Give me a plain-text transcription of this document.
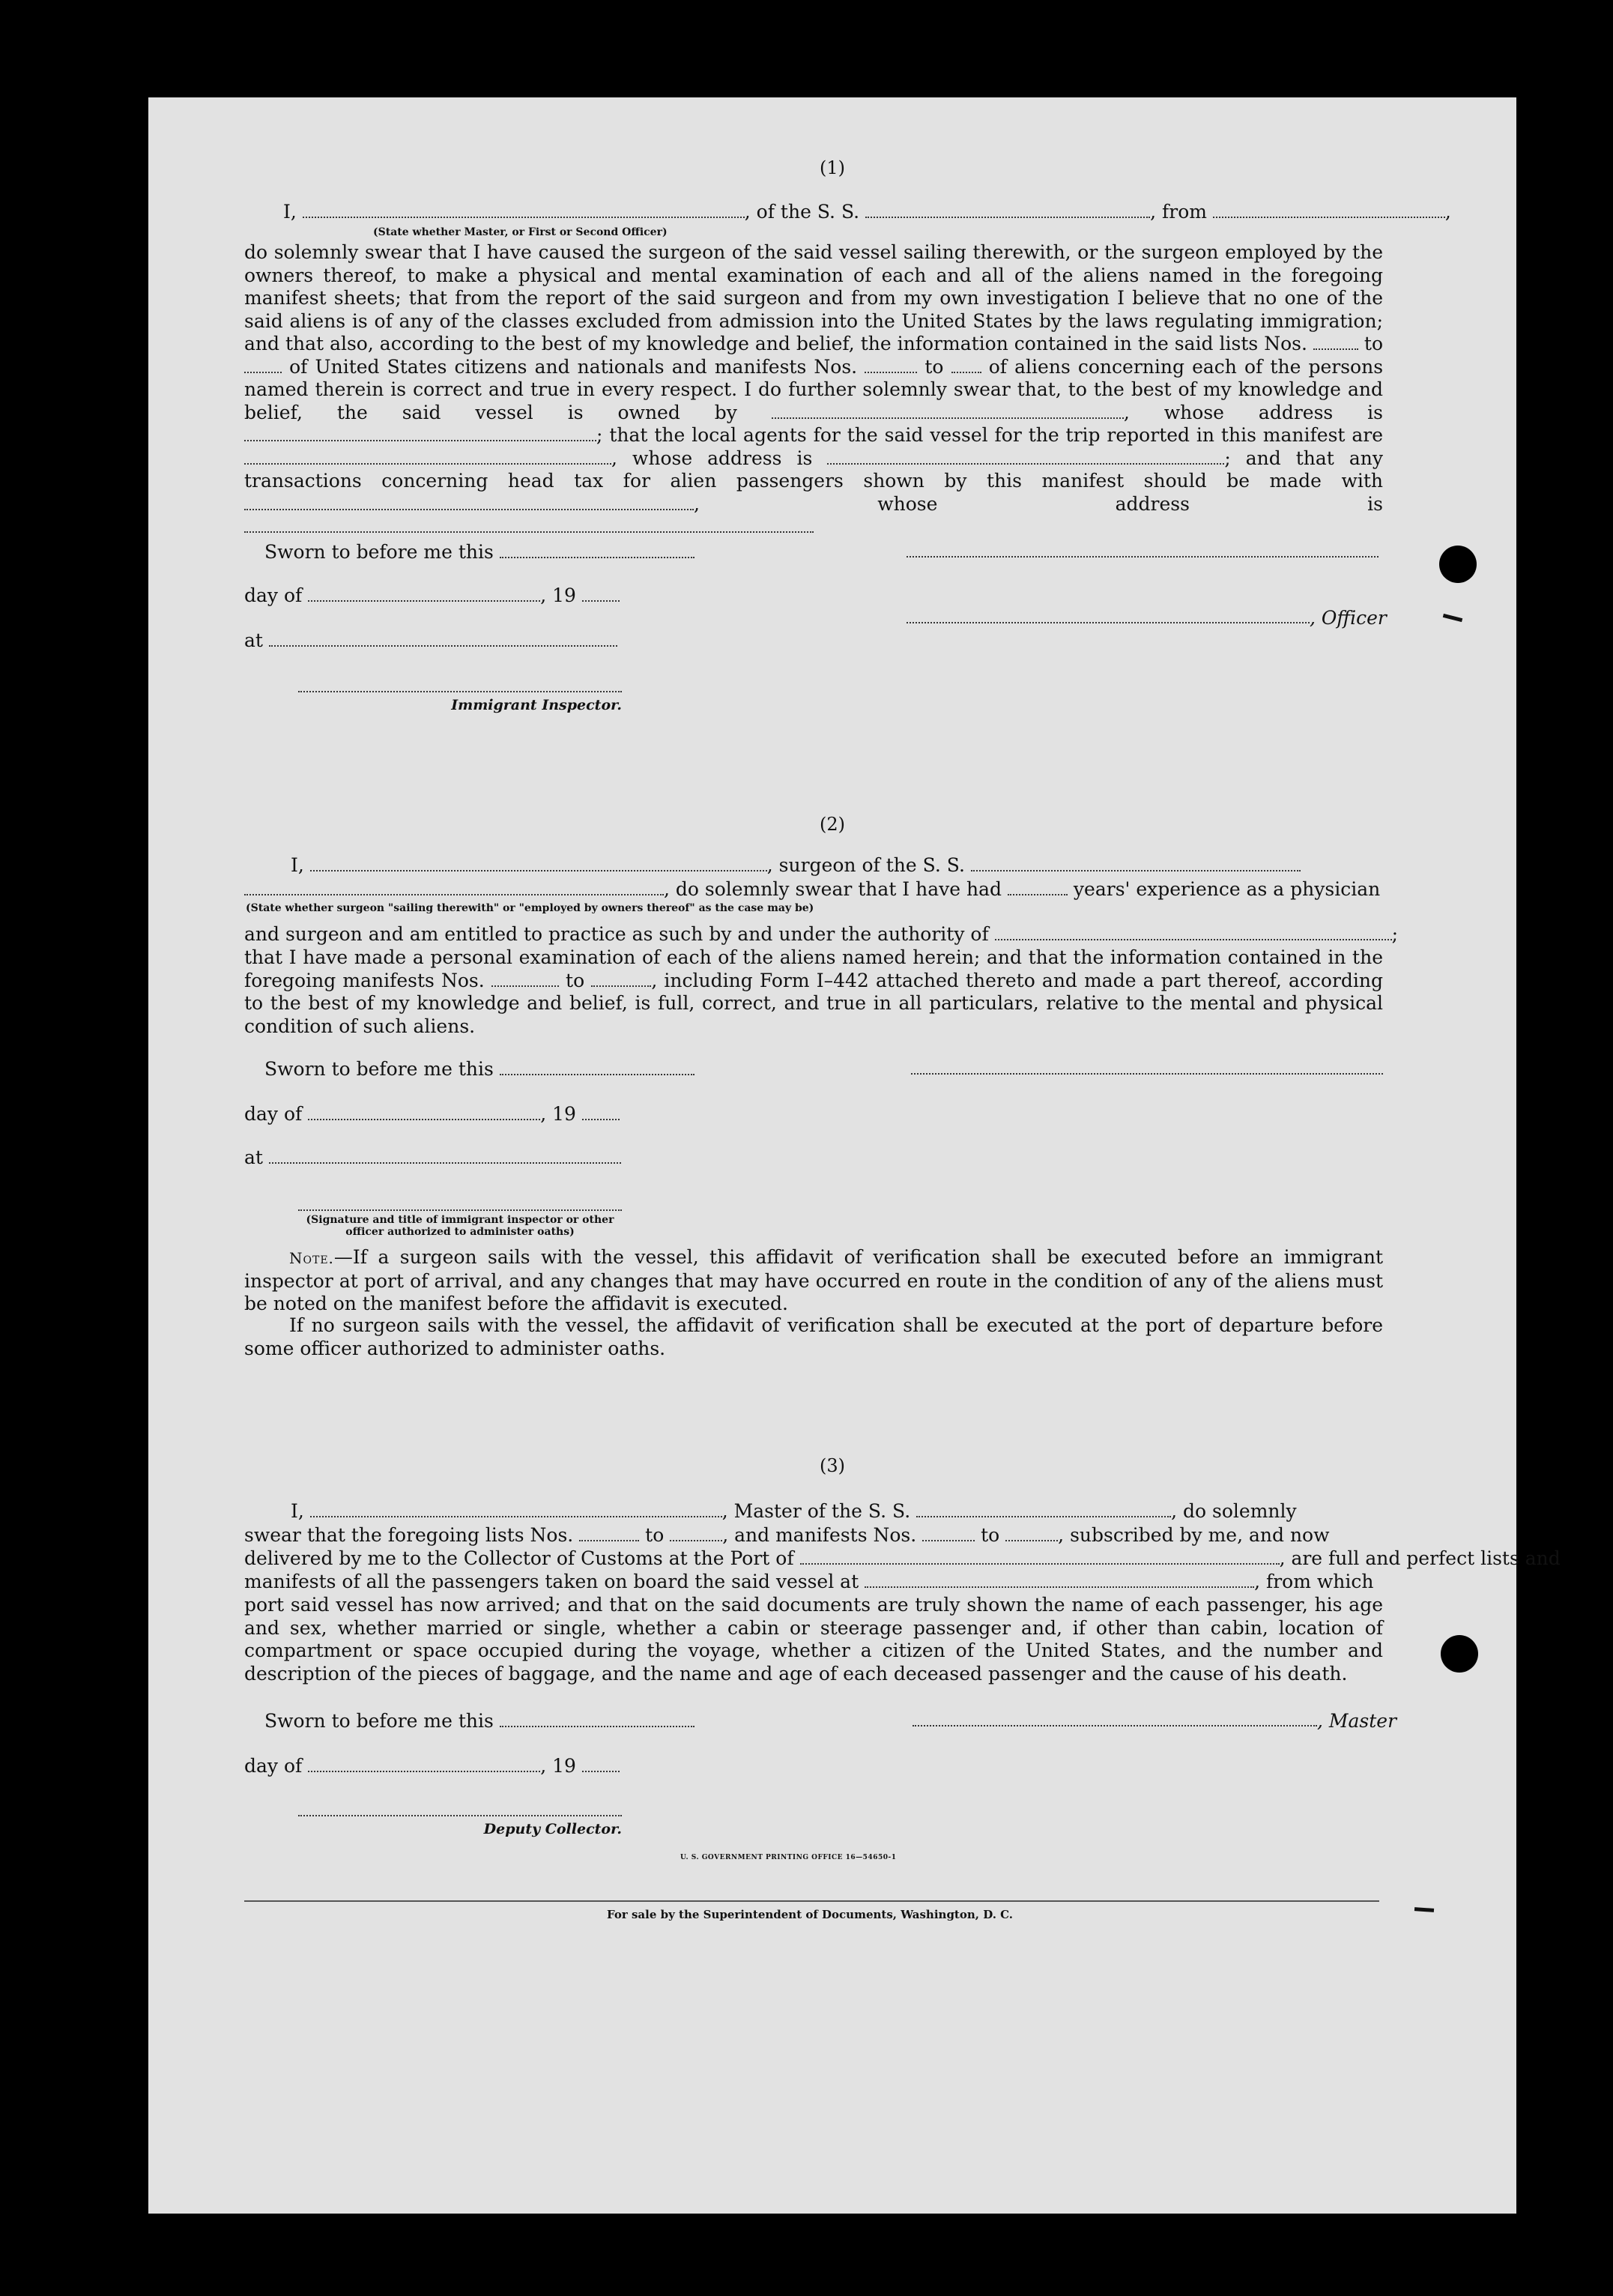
(1)
I,	, of the S. S.	, from	,
(State whether Master, or First or Second Officer)
do solemnly swear that I have caused the surgeon of the said vessel sailing therewith, or the surgeon employed by the owners thereof, to make a physical and mental examination of each and all of the aliens named in the foregoing manifest sheets; that from the report of the said surgeon and from my own investigation I believe that no one of the said aliens is of any of the classes excluded from admission into the United States by the laws regulating immigration; and that also, according to the best of my knowledge and belief, the information contained in the said lists Nos.	to  of United States citizens and nationals and manifests Nos.	to of aliens concerning each of the persons named therein is correct and true in every respect. I do further solemnly swear that, to the best of my knowledge and belief, the said vessel is owned by	, whose address is ; that the local agents for the said vessel for the trip reported in this manifest are , whose address is	; and that any transactions concerning head tax for alien passengers shown by this manifest should be made with , whose address is
Sworn to before me this
day of	, 19
, Officer
at
Immigrant Inspector.
(2)
I,	, surgeon of the S. S.
, do solemnly swear that I have had	years' experience as a physician
(State whether surgeon "sailing therewith" or "employed by owners thereof" as the case may be)
and surgeon and am entitled to practice as such by and under the authority of	;
that I have made a personal examination of each of the aliens named herein; and that the information contained in the foregoing manifests Nos.	to	, including Form I–442 attached thereto and made a part thereof, according to the best of my knowledge and belief, is full, correct, and true in all particulars, relative to the mental and physical condition of such aliens.
Sworn to before me this
day of	, 19
at
(Signature and title of immigrant inspector or other officer authorized to administer oaths)
Note.—If a surgeon sails with the vessel, this affidavit of verification shall be executed before an immigrant inspector at port of arrival, and any changes that may have occurred en route in the condition of any of the aliens must be noted on the manifest before the affidavit is executed.
If no surgeon sails with the vessel, the affidavit of verification shall be executed at the port of departure before some officer authorized to administer oaths.
(3)
I,	, Master of the S. S.	, do solemnly
swear that the foregoing lists Nos.	to	, and manifests Nos.	to	, subscribed by me, and now
delivered by me to the Collector of Customs at the Port of	, are full and perfect lists and
manifests of all the passengers taken on board the said vessel at	, from which
port said vessel has now arrived; and that on the said documents are truly shown the name of each passenger, his age and sex, whether married or single, whether a cabin or steerage passenger and, if other than cabin, location of compartment or space occupied during the voyage, whether a citizen of the United States, and the number and description of the pieces of baggage, and the name and age of each deceased passenger and the cause of his death.
Sworn to before me this	, Master
day of	, 19
Deputy Collector.
U. S. GOVERNMENT PRINTING OFFICE 16—54650-1
For sale by the Superintendent of Documents, Washington, D. C.
